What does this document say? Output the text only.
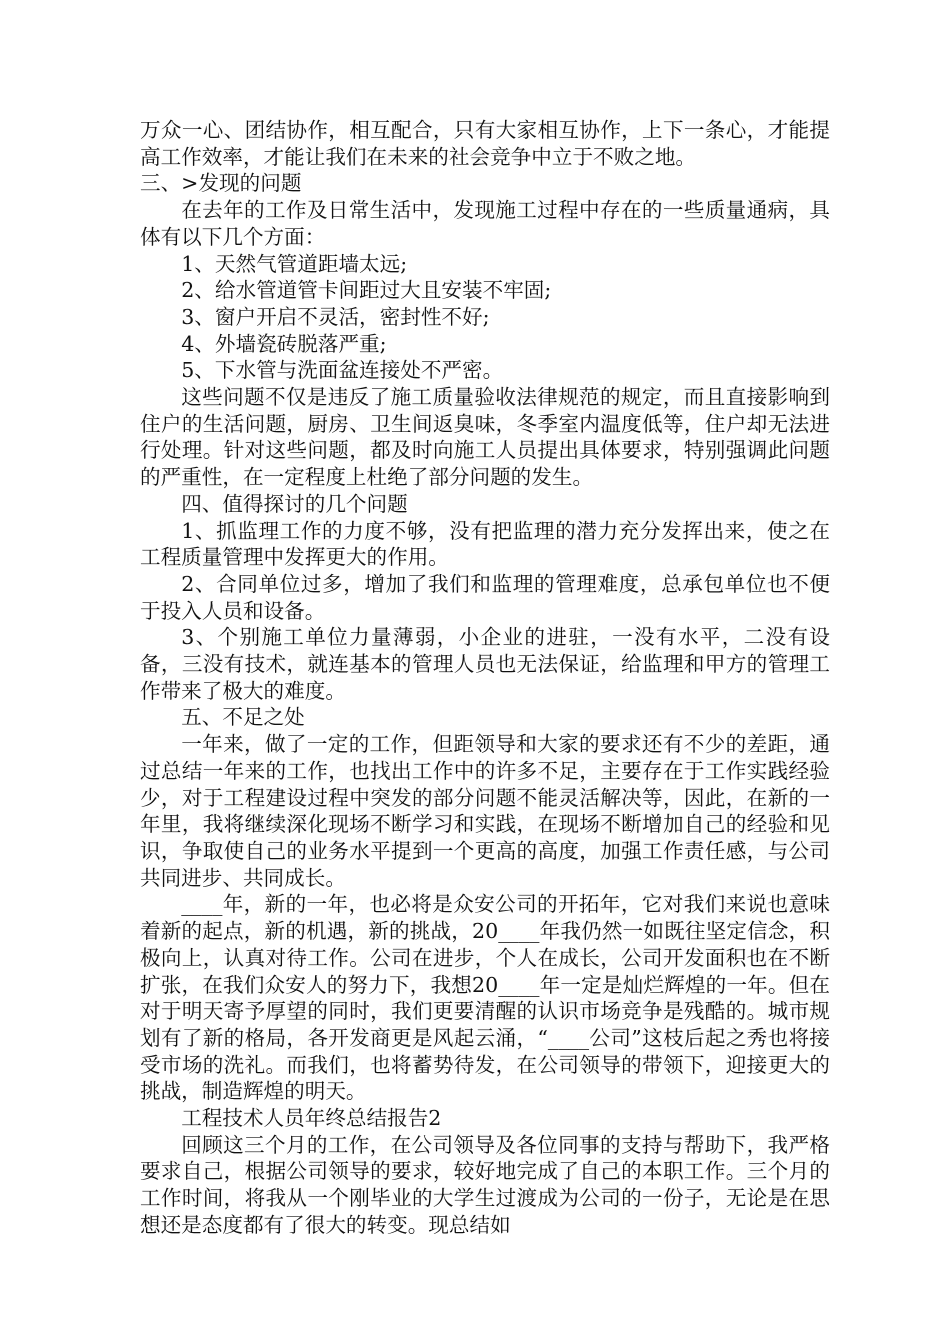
万众一心、团结协作，相互配合，只有大家相互协作，上下一条心，才能提高工作效率，才能让我们在未来的社会竞争中立于不败之地。

三、>发现的问题

在去年的工作及日常生活中，发现施工过程中存在的一些质量通病，具体有以下几个方面：

1、天然气管道距墙太远;

2、给水管道管卡间距过大且安装不牢固;

3、窗户开启不灵活，密封性不好;

4、外墙瓷砖脱落严重;

5、下水管与洗面盆连接处不严密。

这些问题不仅是违反了施工质量验收法律规范的规定，而且直接影响到住户的生活问题，厨房、卫生间返臭味，冬季室内温度低等，住户却无法进行处理。针对这些问题，都及时向施工人员提出具体要求，特别强调此问题的严重性，在一定程度上杜绝了部分问题的发生。

四、值得探讨的几个问题

1、抓监理工作的力度不够，没有把监理的潜力充分发挥出来，使之在工程质量管理中发挥更大的作用。

2、合同单位过多，增加了我们和监理的管理难度，总承包单位也不便于投入人员和设备。

3、个别施工单位力量薄弱，小企业的进驻，一没有水平，二没有设备，三没有技术，就连基本的管理人员也无法保证，给监理和甲方的管理工作带来了极大的难度。

五、不足之处

一年来，做了一定的工作，但距领导和大家的要求还有不少的差距，通过总结一年来的工作，也找出工作中的许多不足，主要存在于工作实践经验少，对于工程建设过程中突发的部分问题不能灵活解决等，因此，在新的一年里，我将继续深化现场不断学习和实践，在现场不断增加自己的经验和见识，争取使自己的业务水平提到一个更高的高度，加强工作责任感，与公司共同进步、共同成长。

____年，新的一年，也必将是众安公司的开拓年，它对我们来说也意味着新的起点，新的机遇，新的挑战，20____年我仍然一如既往坚定信念，积极向上，认真对待工作。公司在进步，个人在成长，公司开发面积也在不断扩张，在我们众安人的努力下，我想20____年一定是灿烂辉煌的一年。但在对于明天寄予厚望的同时，我们更要清醒的认识市场竞争是残酷的。城市规划有了新的格局，各开发商更是风起云涌，“____公司”这枝后起之秀也将接受市场的洗礼。而我们，也将蓄势待发，在公司领导的带领下，迎接更大的挑战，制造辉煌的明天。

工程技术人员年终总结报告2

回顾这三个月的工作，在公司领导及各位同事的支持与帮助下，我严格要求自己，根据公司领导的要求，较好地完成了自己的本职工作。三个月的工作时间，将我从一个刚毕业的大学生过渡成为公司的一份子，无论是在思想还是态度都有了很大的转变。现总结如
